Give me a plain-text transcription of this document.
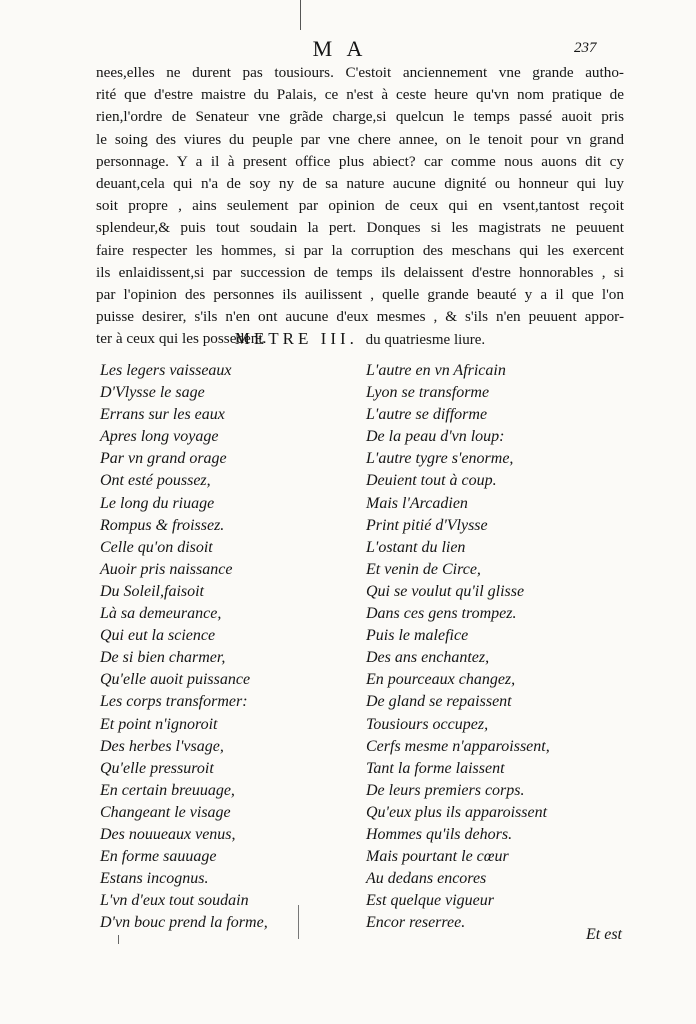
M A	237
nees,elles ne durent pas tousiours. C'estoit anciennement vne grande autho-
rité que d'estre maistre du Palais, ce n'est à ceste heure qu'vn nom pratique de
rien,l'ordre de Senateur vne grãde charge,si quelcun le temps passé auoit pris
le soing des viures du peuple par vne chere annee, on le tenoit pour vn grand
personnage. Y a il à present office plus abiect? car comme nous auons dit cy
deuant,cela qui n'a de soy ny de sa nature aucune dignité ou honneur qui luy
soit propre , ains seulement par opinion de ceux qui en vsent,tantost reçoit
splendeur,& puis tout soudain la pert. Donques si les magistrats ne peuuent
faire respecter les hommes, si par la corruption des meschans qui les exercent
ils enlaidissent,si par succession de temps ils delaissent d'estre honnorables , si
par l'opinion des personnes ils auilissent , quelle grande beauté y a il que l'on
puisse desirer, s'ils n'en ont aucune d'eux mesmes , & s'ils n'en peuuent appor-
ter à ceux qui les possedent.
METRE III. du quatriesme liure.
Les legers vaisseaux
D'Vlysse le sage
Errans sur les eaux
Apres long voyage
Par vn grand orage
Ont esté poussez,
Le long du riuage
Rompus & froissez.
Celle qu'on disoit
Auoir pris naissance
Du Soleil,faisoit
Là sa demeurance,
Qui eut la science
De si bien charmer,
Qu'elle auoit puissance
Les corps transformer:
Et point n'ignoroit
Des herbes l'vsage,
Qu'elle pressuroit
En certain breuuage,
Changeant le visage
Des nouueaux venus,
En forme sauuage
Estans incognus.
L'vn d'eux tout soudain
D'vn bouc prend la forme,
L'autre en vn Africain
Lyon se transforme
L'autre se difforme
De la peau d'vn loup:
L'autre tygre s'enorme,
Deuient tout à coup.
Mais l'Arcadien
Print pitié d'Vlysse
L'ostant du lien
Et venin de Circe,
Qui se voulut qu'il glisse
Dans ces gens trompez.
Puis le malefice
Des ans enchantez,
En pourceaux changez,
De gland se repaissent
Tousiours occupez,
Cerfs mesme n'apparoissent,
Tant la forme laissent
De leurs premiers corps.
Qu'eux plus ils apparoissent
Hommes qu'ils dehors.
Mais pourtant le cœur
Au dedans encores
Est quelque vigueur
Encor reserree.
Et est
